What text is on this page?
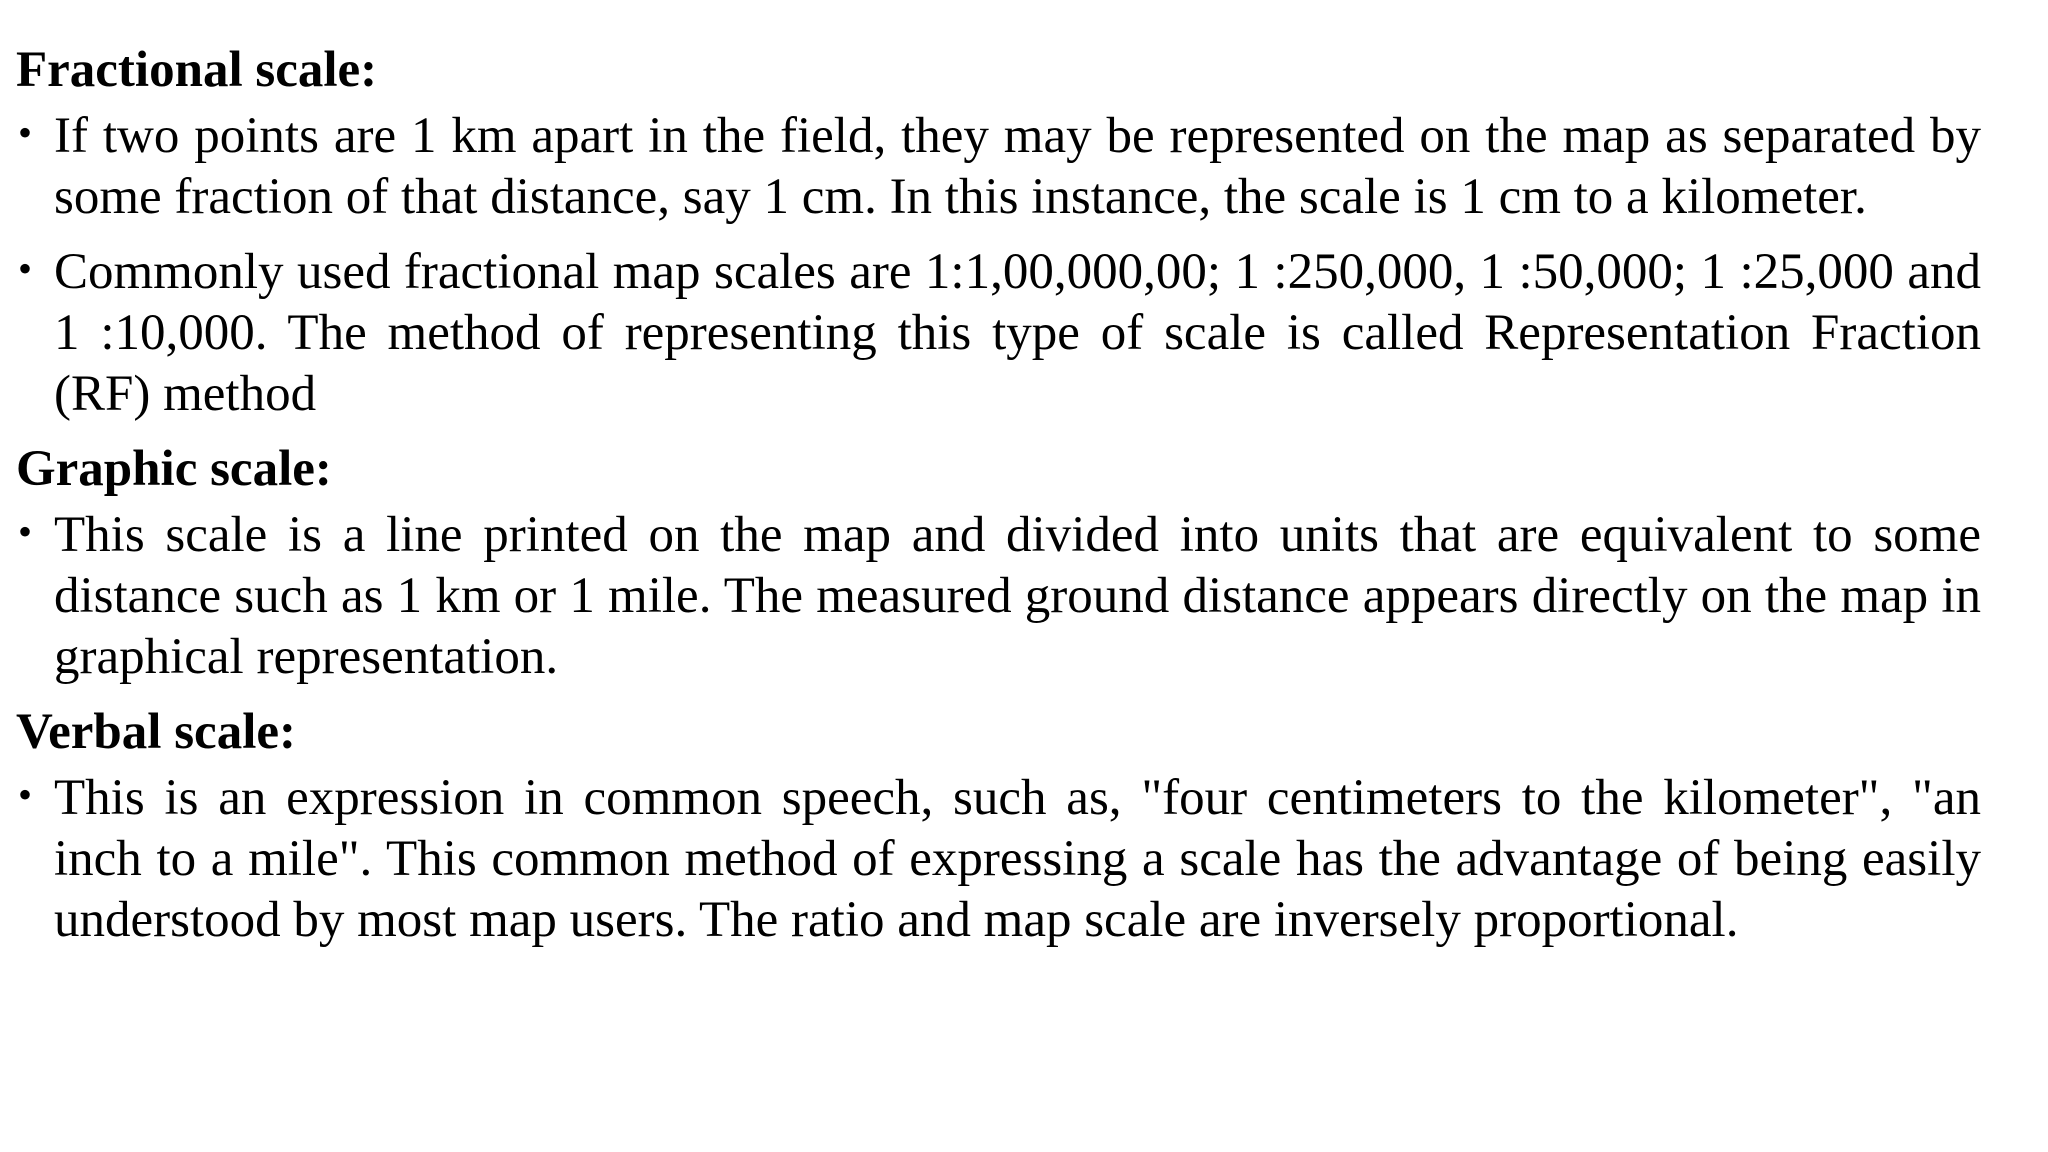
Fractional scale:
• If two points are 1 km apart in the field, they may be represented on the map as separated by some fraction of that distance, say 1 cm. In this instance, the scale is 1 cm to a kilometer.
• Commonly used fractional map scales are 1:1,00,000,00; 1 :250,000, 1 :50,000; 1 :25,000 and 1 :10,000. The method of representing this type of scale is called Representation Fraction (RF) method
Graphic scale:
• This scale is a line printed on the map and divided into units that are equivalent to some distance such as 1 km or 1 mile. The measured ground distance appears directly on the map in graphical representation.
Verbal scale:
• This is an expression in common speech, such as, "four centimeters to the kilometer", "an inch to a mile". This common method of expressing a scale has the advantage of being easily understood by most map users. The ratio and map scale are inversely proportional.
